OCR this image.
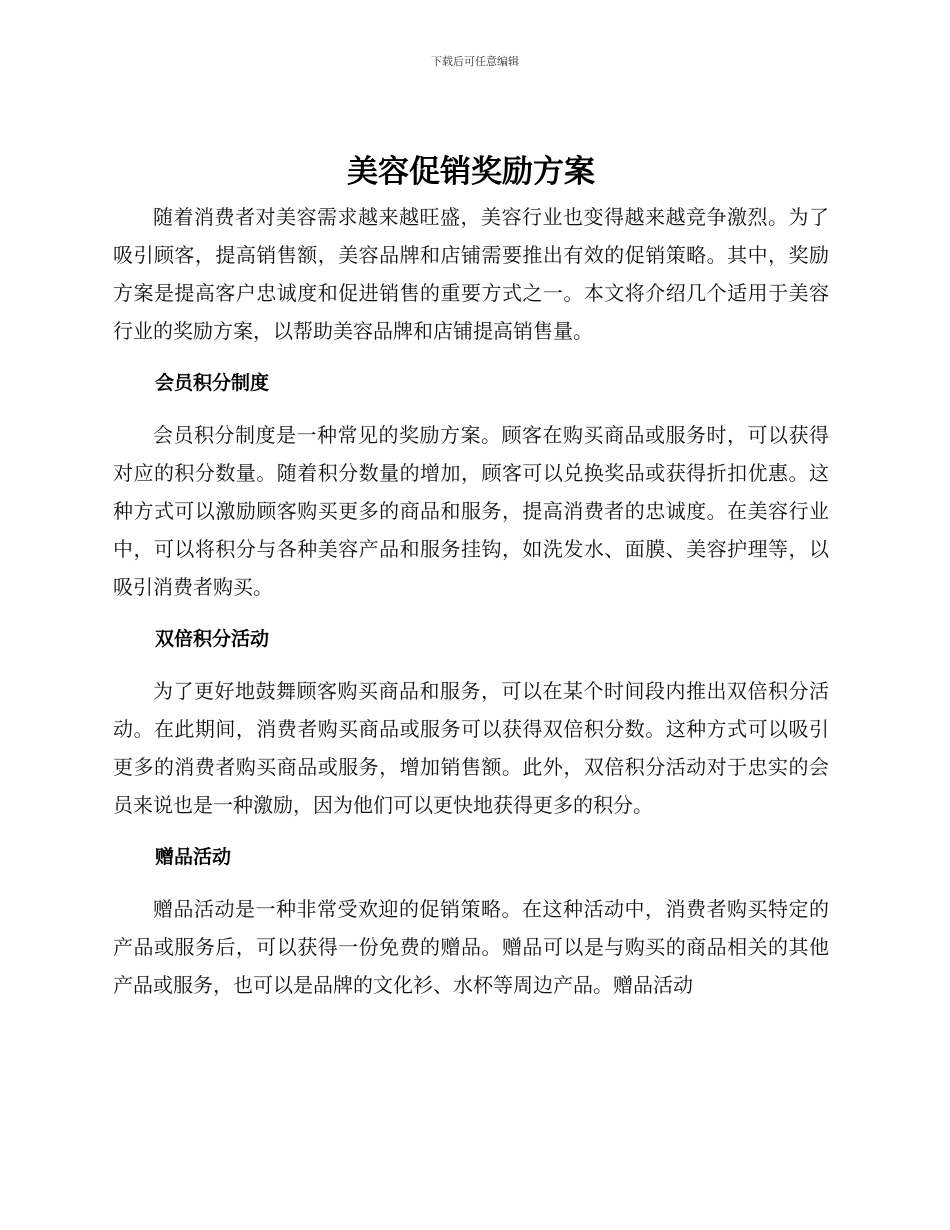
下载后可任意编辑
美容促销奖励方案

随着消费者对美容需求越来越旺盛，美容行业也变得越来越竞争激烈。为了吸引顾客，提高销售额，美容品牌和店铺需要推出有效的促销策略。其中，奖励方案是提高客户忠诚度和促进销售的重要方式之一。本文将介绍几个适用于美容行业的奖励方案，以帮助美容品牌和店铺提高销售量。

会员积分制度

会员积分制度是一种常见的奖励方案。顾客在购买商品或服务时，可以获得对应的积分数量。随着积分数量的增加，顾客可以兑换奖品或获得折扣优惠。这种方式可以激励顾客购买更多的商品和服务，提高消费者的忠诚度。在美容行业中，可以将积分与各种美容产品和服务挂钩，如洗发水、面膜、美容护理等，以吸引消费者购买。

双倍积分活动

为了更好地鼓舞顾客购买商品和服务，可以在某个时间段内推出双倍积分活动。在此期间，消费者购买商品或服务可以获得双倍积分数。这种方式可以吸引更多的消费者购买商品或服务，增加销售额。此外，双倍积分活动对于忠实的会员来说也是一种激励，因为他们可以更快地获得更多的积分。

赠品活动

赠品活动是一种非常受欢迎的促销策略。在这种活动中，消费者购买特定的产品或服务后，可以获得一份免费的赠品。赠品可以是与购买的商品相关的其他产品或服务，也可以是品牌的文化衫、水杯等周边产品。赠品活动
